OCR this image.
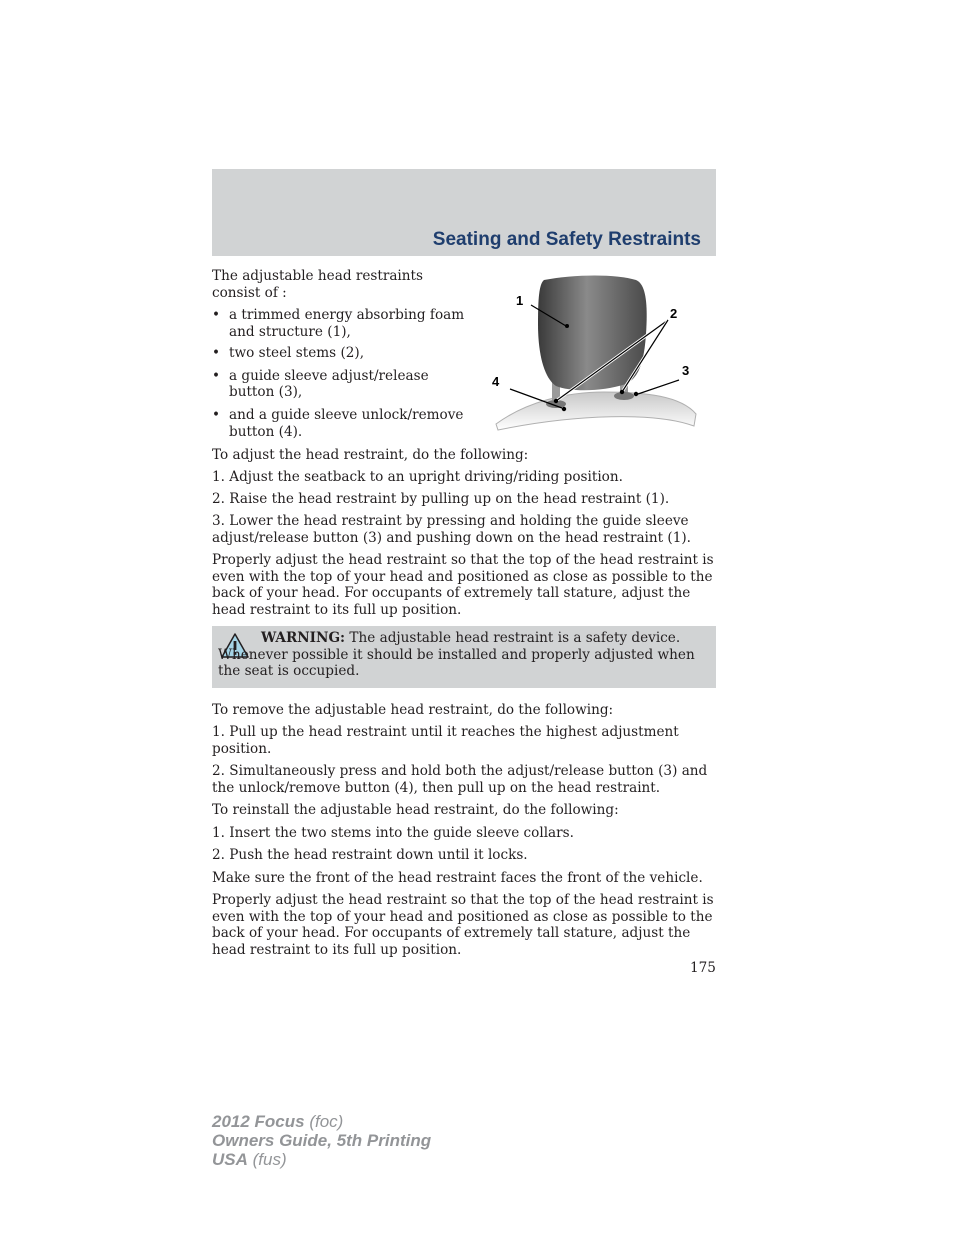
Seating and Safety Restraints

The adjustable head restraints consist of :

• a trimmed energy absorbing foam and structure (1),
• two steel stems (2),
• a guide sleeve adjust/release button (3),
• and a guide sleeve unlock/remove button (4).
1
2
3
4

To adjust the head restraint, do the following:

1. Adjust the seatback to an upright driving/riding position.

2. Raise the head restraint by pulling up on the head restraint (1).

3. Lower the head restraint by pressing and holding the guide sleeve adjust/release button (3) and pushing down on the head restraint (1).

Properly adjust the head restraint so that the top of the head restraint is even with the top of your head and positioned as close as possible to the back of your head. For occupants of extremely tall stature, adjust the head restraint to its full up position.

WARNING: The adjustable head restraint is a safety device. Whenever possible it should be installed and properly adjusted when the seat is occupied.

To remove the adjustable head restraint, do the following:

1. Pull up the head restraint until it reaches the highest adjustment position.

2. Simultaneously press and hold both the adjust/release button (3) and the unlock/remove button (4), then pull up on the head restraint.

To reinstall the adjustable head restraint, do the following:

1. Insert the two stems into the guide sleeve collars.

2. Push the head restraint down until it locks.

Make sure the front of the head restraint faces the front of the vehicle.

Properly adjust the head restraint so that the top of the head restraint is even with the top of your head and positioned as close as possible to the back of your head. For occupants of extremely tall stature, adjust the head restraint to its full up position.

175

2012 Focus (foc)
Owners Guide, 5th Printing
USA (fus)
